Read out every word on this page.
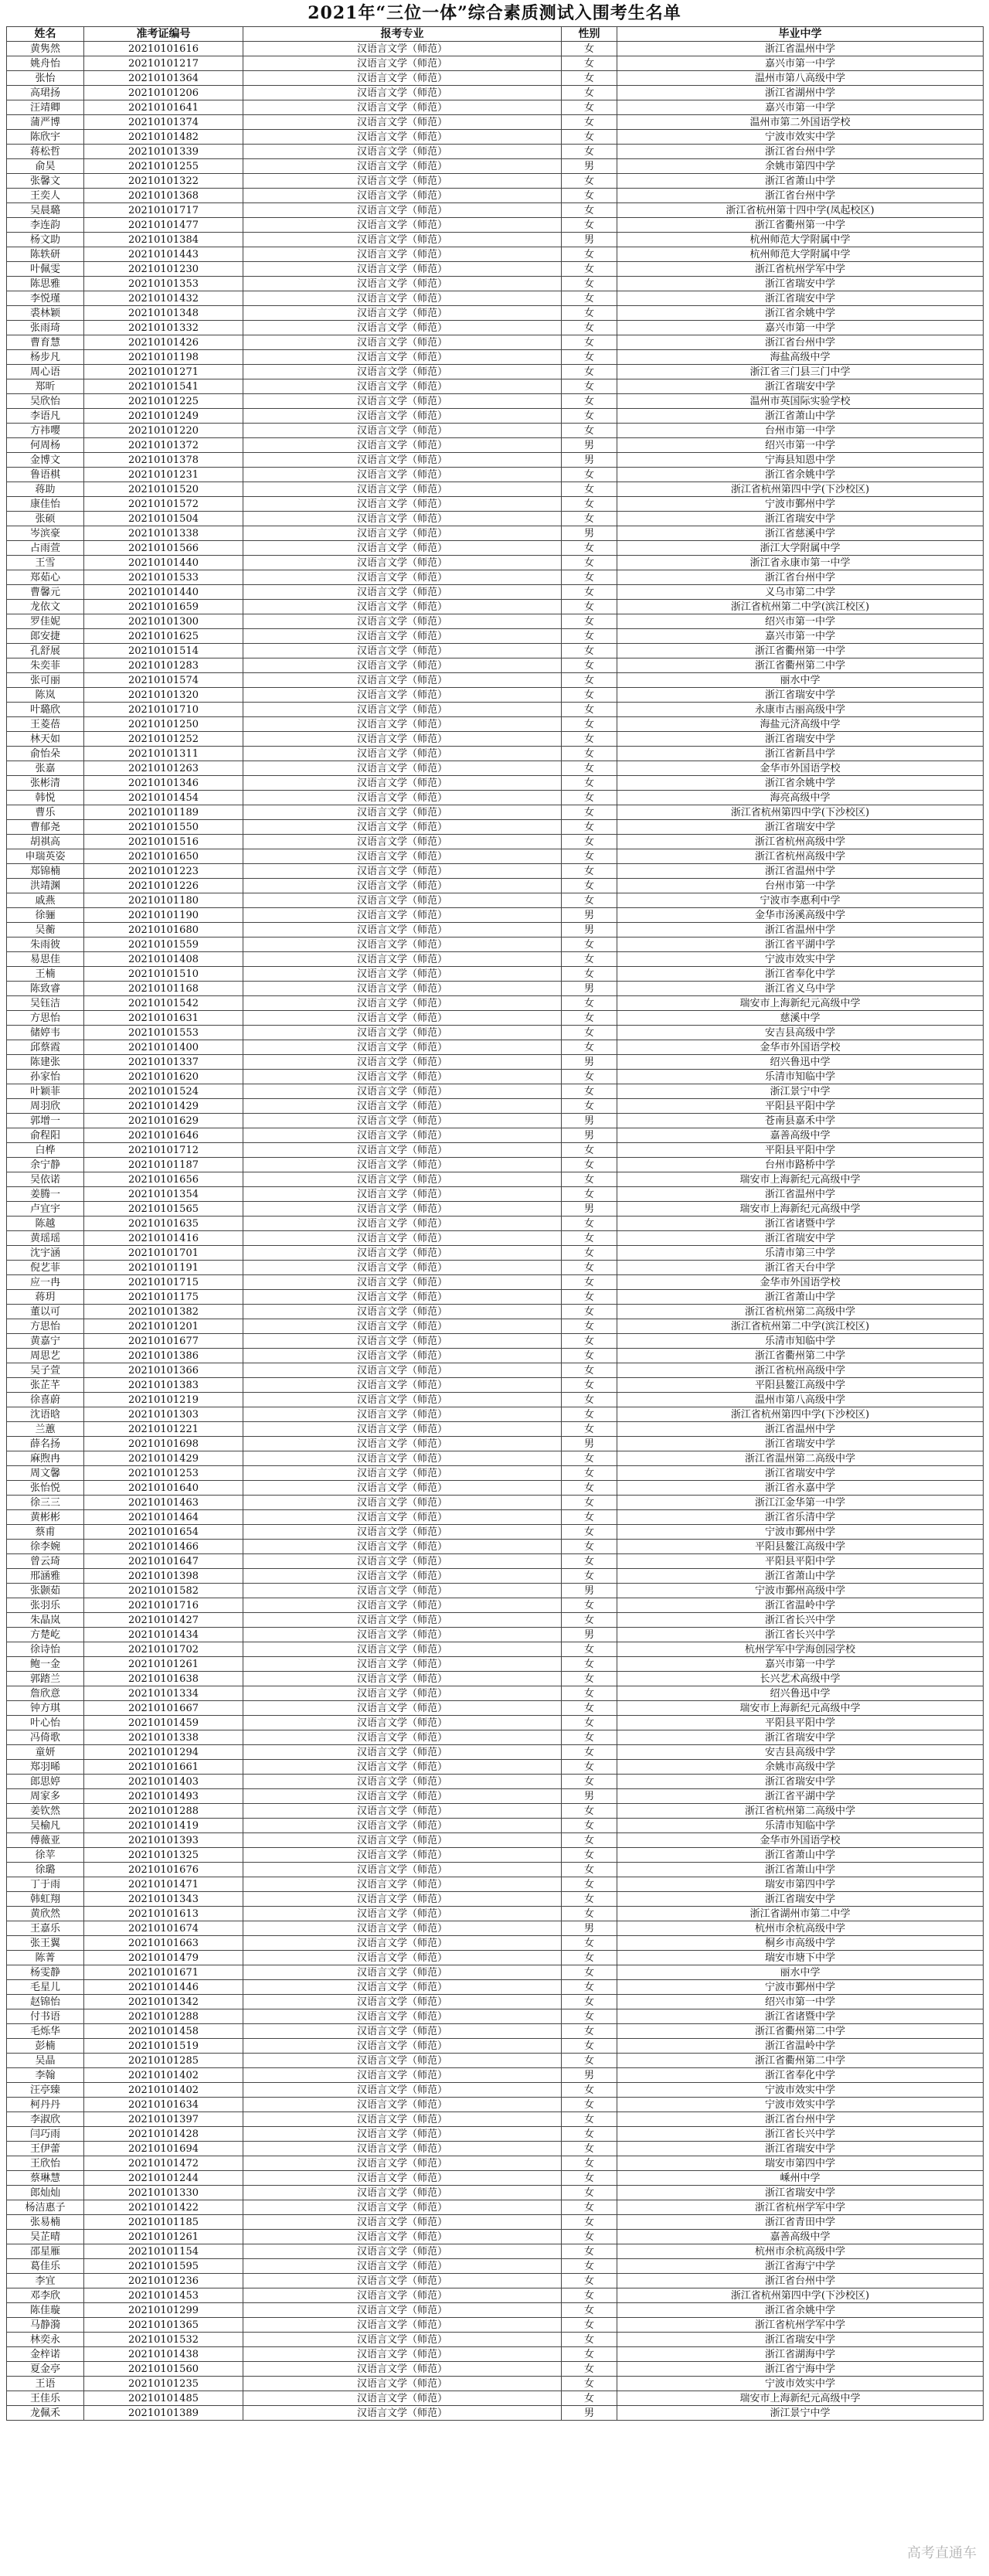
2021年“三位一体”综合素质测试入围考生名单
姓名	准考证编号	报考专业	性别	毕业中学
黄隽然	20210101616	汉语言文学（师范）	女	浙江省温州中学
姚舟怡	20210101217	汉语言文学（师范）	女	嘉兴市第一中学
张怡	20210101364	汉语言文学（师范）	女	温州市第八高级中学
高珺扬	20210101206	汉语言文学（师范）	女	浙江省湖州中学
汪靖卿	20210101641	汉语言文学（师范）	女	嘉兴市第一中学
蒲严博	20210101374	汉语言文学（师范）	女	温州市第二外国语学校
陈欣宇	20210101482	汉语言文学（师范）	女	宁波市效实中学
蒋松哲	20210101339	汉语言文学（师范）	女	浙江省台州中学
俞昊	20210101255	汉语言文学（师范）	男	余姚市第四中学
张馨文	20210101322	汉语言文学（师范）	女	浙江省萧山中学
王奕人	20210101368	汉语言文学（师范）	女	浙江省台州中学
吴晨璐	20210101717	汉语言文学（师范）	女	浙江省杭州第十四中学(凤起校区)
李连韵	20210101477	汉语言文学（师范）	女	浙江省衢州第一中学
杨文助	20210101384	汉语言文学（师范）	男	杭州师范大学附属中学
陈轶研	20210101443	汉语言文学（师范）	女	杭州师范大学附属中学
叶佩雯	20210101230	汉语言文学（师范）	女	浙江省杭州学军中学
陈思雅	20210101353	汉语言文学（师范）	女	浙江省瑞安中学
李悦瑾	20210101432	汉语言文学（师范）	女	浙江省瑞安中学
裘林颖	20210101348	汉语言文学（师范）	女	浙江省余姚中学
张雨琦	20210101332	汉语言文学（师范）	女	嘉兴市第一中学
曹育慧	20210101426	汉语言文学（师范）	女	浙江省台州中学
杨步凡	20210101198	汉语言文学（师范）	女	海盐高级中学
周心语	20210101271	汉语言文学（师范）	女	浙江省三门县三门中学
郑昕	20210101541	汉语言文学（师范）	女	浙江省瑞安中学
吴欣怡	20210101225	汉语言文学（师范）	女	温州市英国际实验学校
李语凡	20210101249	汉语言文学（师范）	女	浙江省萧山中学
方祎嘤	20210101220	汉语言文学（师范）	女	台州市第一中学
何周杨	20210101372	汉语言文学（师范）	男	绍兴市第一中学
金博文	20210101378	汉语言文学（师范）	男	宁海县知恩中学
鲁语棋	20210101231	汉语言文学（师范）	女	浙江省余姚中学
蒋助	20210101520	汉语言文学（师范）	女	浙江省杭州第四中学(下沙校区)
康佳怡	20210101572	汉语言文学（师范）	女	宁波市鄞州中学
张硕	20210101504	汉语言文学（师范）	女	浙江省瑞安中学
岑滨豪	20210101338	汉语言文学（师范）	男	浙江省慈溪中学
占雨萱	20210101566	汉语言文学（师范）	女	浙江大学附属中学
王雪	20210101440	汉语言文学（师范）	女	浙江省永康市第一中学
郑茹心	20210101533	汉语言文学（师范）	女	浙江省台州中学
曹馨元	20210101440	汉语言文学（师范）	女	义乌市第二中学
龙依文	20210101659	汉语言文学（师范）	女	浙江省杭州第二中学(滨江校区)
罗佳妮	20210101300	汉语言文学（师范）	女	绍兴市第一中学
郎安捷	20210101625	汉语言文学（师范）	女	嘉兴市第一中学
孔舒展	20210101514	汉语言文学（师范）	女	浙江省衢州第一中学
朱奕菲	20210101283	汉语言文学（师范）	女	浙江省衢州第二中学
张可丽	20210101574	汉语言文学（师范）	女	丽水中学
陈岚	20210101320	汉语言文学（师范）	女	浙江省瑞安中学
叶璐欣	20210101710	汉语言文学（师范）	女	永康市古丽高级中学
王菱蓓	20210101250	汉语言文学（师范）	女	海盐元济高级中学
林天如	20210101252	汉语言文学（师范）	女	浙江省瑞安中学
俞怡朵	20210101311	汉语言文学（师范）	女	浙江省新昌中学
张嘉	20210101263	汉语言文学（师范）	女	金华市外国语学校
张彬清	20210101346	汉语言文学（师范）	女	浙江省余姚中学
韩悦	20210101454	汉语言文学（师范）	女	海亮高级中学
曹乐	20210101189	汉语言文学（师范）	女	浙江省杭州第四中学(下沙校区)
曹郁尧	20210101550	汉语言文学（师范）	女	浙江省瑞安中学
胡祺高	20210101516	汉语言文学（师范）	女	浙江省杭州高级中学
申瑞英姿	20210101650	汉语言文学（师范）	女	浙江省杭州高级中学
郑锦楠	20210101223	汉语言文学（师范）	女	浙江省温州中学
洪靖渊	20210101226	汉语言文学（师范）	女	台州市第一中学
戚燕	20210101180	汉语言文学（师范）	女	宁波市李惠利中学
徐骊	20210101190	汉语言文学（师范）	男	金华市汤溪高级中学
吴蘅	20210101680	汉语言文学（师范）	男	浙江省温州中学
朱雨彼	20210101559	汉语言文学（师范）	女	浙江省平湖中学
易思佳	20210101408	汉语言文学（师范）	女	宁波市效实中学
王楠	20210101510	汉语言文学（师范）	女	浙江省奉化中学
陈致睿	20210101168	汉语言文学（师范）	男	浙江省义乌中学
吴钰洁	20210101542	汉语言文学（师范）	女	瑞安市上海新纪元高级中学
方思怡	20210101631	汉语言文学（师范）	女	慈溪中学
储婷韦	20210101553	汉语言文学（师范）	女	安吉县高级中学
邱蔡霞	20210101400	汉语言文学（师范）	女	金华市外国语学校
陈建张	20210101337	汉语言文学（师范）	男	绍兴鲁迅中学
孙家怡	20210101620	汉语言文学（师范）	女	乐清市知临中学
叶颖菲	20210101524	汉语言文学（师范）	女	浙江景宁中学
周羽欣	20210101429	汉语言文学（师范）	女	平阳县平阳中学
郭增一	20210101629	汉语言文学（师范）	男	苍南县嘉禾中学
俞程阳	20210101646	汉语言文学（师范）	男	嘉善高级中学
白桦	20210101712	汉语言文学（师范）	女	平阳县平阳中学
余宁静	20210101187	汉语言文学（师范）	女	台州市路桥中学
吴依诺	20210101656	汉语言文学（师范）	女	瑞安市上海新纪元高级中学
姜腾一	20210101354	汉语言文学（师范）	女	浙江省温州中学
卢宜宇	20210101565	汉语言文学（师范）	男	瑞安市上海新纪元高级中学
陈越	20210101635	汉语言文学（师范）	女	浙江省诸暨中学
黄瑶瑶	20210101416	汉语言文学（师范）	女	浙江省瑞安中学
沈宇涵	20210101701	汉语言文学（师范）	女	乐清市第三中学
倪艺菲	20210101191	汉语言文学（师范）	女	浙江省天台中学
应一冉	20210101715	汉语言文学（师范）	女	金华市外国语学校
蒋玥	20210101175	汉语言文学（师范）	女	浙江省萧山中学
董以可	20210101382	汉语言文学（师范）	女	浙江省杭州第二高级中学
方思怡	20210101201	汉语言文学（师范）	女	浙江省杭州第二中学(滨江校区)
黄嘉宁	20210101677	汉语言文学（师范）	女	乐清市知临中学
周思艺	20210101386	汉语言文学（师范）	女	浙江省衢州第二中学
吴子萱	20210101366	汉语言文学（师范）	女	浙江省杭州高级中学
张芷芊	20210101383	汉语言文学（师范）	女	平阳县鳌江高级中学
徐喜蔚	20210101219	汉语言文学（师范）	女	温州市第八高级中学
沈语晗	20210101303	汉语言文学（师范）	女	浙江省杭州第四中学(下沙校区)
兰蕙	20210101221	汉语言文学（师范）	女	浙江省温州中学
薛名扬	20210101698	汉语言文学（师范）	男	浙江省瑞安中学
麻煦冉	20210101429	汉语言文学（师范）	女	浙江省温州第二高级中学
周文馨	20210101253	汉语言文学（师范）	女	浙江省瑞安中学
张怡悦	20210101640	汉语言文学（师范）	女	浙江省永嘉中学
徐三三	20210101463	汉语言文学（师范）	女	浙江江金华第一中学
黄彬彬	20210101464	汉语言文学（师范）	女	浙江省乐清中学
蔡甫	20210101654	汉语言文学（师范）	女	宁波市鄞州中学
徐李婉	20210101466	汉语言文学（师范）	女	平阳县鳌江高级中学
曾云琦	20210101647	汉语言文学（师范）	女	平阳县平阳中学
邢涵雅	20210101398	汉语言文学（师范）	女	浙江省萧山中学
张颢茹	20210101582	汉语言文学（师范）	男	宁波市鄞州高级中学
张羽乐	20210101716	汉语言文学（师范）	女	浙江省温岭中学
朱晶岚	20210101427	汉语言文学（师范）	女	浙江省长兴中学
方楚屹	20210101434	汉语言文学（师范）	男	浙江省长兴中学
徐诗怡	20210101702	汉语言文学（师范）	女	杭州学军中学海创园学校
鲍一金	20210101261	汉语言文学（师范）	女	嘉兴市第一中学
郭踏兰	20210101638	汉语言文学（师范）	女	长兴艺术高级中学
詹欣意	20210101334	汉语言文学（师范）	女	绍兴鲁迅中学
钟方琪	20210101667	汉语言文学（师范）	女	瑞安市上海新纪元高级中学
叶心怡	20210101459	汉语言文学（师范）	女	平阳县平阳中学
冯倚歌	20210101338	汉语言文学（师范）	女	浙江省瑞安中学
童妍	20210101294	汉语言文学（师范）	女	安吉县高级中学
郑羽晞	20210101661	汉语言文学（师范）	女	余姚市高级中学
郎思婷	20210101403	汉语言文学（师范）	女	浙江省瑞安中学
周家多	20210101493	汉语言文学（师范）	男	浙江省平湖中学
姜钦然	20210101288	汉语言文学（师范）	女	浙江省杭州第二高级中学
吴榆凡	20210101419	汉语言文学（师范）	女	乐清市知临中学
傅薇亚	20210101393	汉语言文学（师范）	女	金华市外国语学校
徐苹	20210101325	汉语言文学（师范）	女	浙江省萧山中学
徐璐	20210101676	汉语言文学（师范）	女	浙江省萧山中学
丁于雨	20210101471	汉语言文学（师范）	女	瑞安市第四中学
韩虹翔	20210101343	汉语言文学（师范）	女	浙江省瑞安中学
黄欣然	20210101613	汉语言文学（师范）	女	浙江省湖州市第二中学
王嘉乐	20210101674	汉语言文学（师范）	男	杭州市余杭高级中学
张王翼	20210101663	汉语言文学（师范）	女	桐乡市高级中学
陈菁	20210101479	汉语言文学（师范）	女	瑞安市塘下中学
杨雯静	20210101671	汉语言文学（师范）	女	丽水中学
毛星儿	20210101446	汉语言文学（师范）	女	宁波市鄞州中学
赵锦怡	20210101342	汉语言文学（师范）	女	绍兴市第一中学
付书语	20210101288	汉语言文学（师范）	女	浙江省诸暨中学
毛烁华	20210101458	汉语言文学（师范）	女	浙江省衢州第二中学
彭楠	20210101519	汉语言文学（师范）	女	浙江省温岭中学
吴晶	20210101285	汉语言文学（师范）	女	浙江省衢州第二中学
李翰	20210101402	汉语言文学（师范）	男	浙江省奉化中学
汪亭臻	20210101402	汉语言文学（师范）	女	宁波市效实中学
柯丹丹	20210101634	汉语言文学（师范）	女	宁波市效实中学
李淑欣	20210101397	汉语言文学（师范）	女	浙江省台州中学
闫巧雨	20210101428	汉语言文学（师范）	女	浙江省长兴中学
王伊蕾	20210101694	汉语言文学（师范）	女	浙江省瑞安中学
王欣怡	20210101472	汉语言文学（师范）	女	瑞安市第四中学
蔡琳慧	20210101244	汉语言文学（师范）	女	嵊州中学
郎灿灿	20210101330	汉语言文学（师范）	女	浙江省瑞安中学
杨洁惠子	20210101422	汉语言文学（师范）	女	浙江省杭州学军中学
张易楠	20210101185	汉语言文学（师范）	女	浙江省青田中学
吴芷晴	20210101261	汉语言文学（师范）	女	嘉善高级中学
邵星雁	20210101154	汉语言文学（师范）	女	杭州市余杭高级中学
葛佳乐	20210101595	汉语言文学（师范）	女	浙江省海宁中学
李宜	20210101236	汉语言文学（师范）	女	浙江省台州中学
邓李欣	20210101453	汉语言文学（师范）	女	浙江省杭州第四中学(下沙校区)
陈佳璇	20210101299	汉语言文学（师范）	女	浙江省余姚中学
马静漪	20210101365	汉语言文学（师范）	女	浙江省杭州学军中学
林奕永	20210101532	汉语言文学（师范）	女	浙江省瑞安中学
金梓诺	20210101438	汉语言文学（师范）	女	浙江省湖海中学
夏金亭	20210101560	汉语言文学（师范）	女	浙江省宁海中学
王语	20210101235	汉语言文学（师范）	女	宁波市效实中学
王佳乐	20210101485	汉语言文学（师范）	女	瑞安市上海新纪元高级中学
龙佩禾	20210101389	汉语言文学（师范）	男	浙江景宁中学
高考直通车
